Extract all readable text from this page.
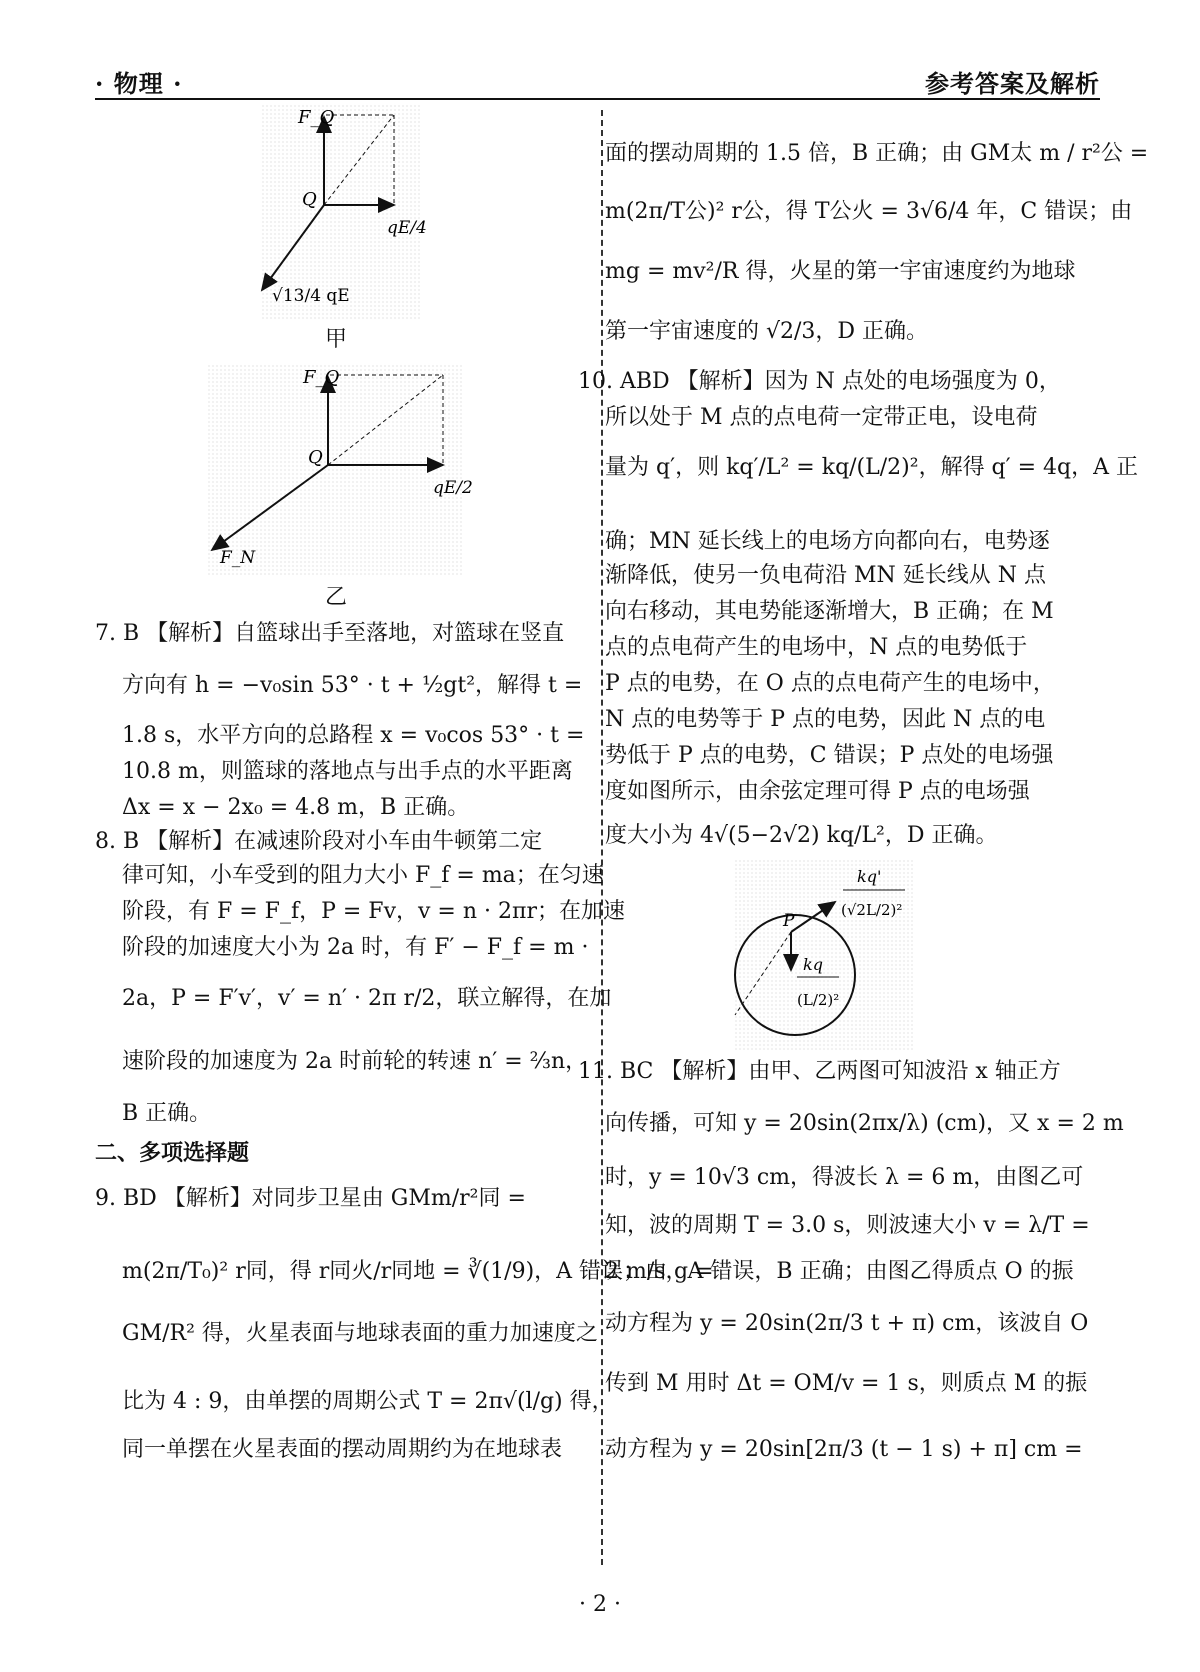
· 物理 ·	参考答案及解析
F_Q
Q
qE/4
√13/4 qE
甲
F_Q
Q
qE/2
F_N
乙
7. B 【解析】自篮球出手至落地，对篮球在竖直
方向有 h = −v₀sin 53° · t + ½gt²，解得 t =
1.8 s，水平方向的总路程 x = v₀cos 53° · t =
10.8 m，则篮球的落地点与出手点的水平距离
Δx = x − 2x₀ = 4.8 m，B 正确。
8. B 【解析】在减速阶段对小车由牛顿第二定
律可知，小车受到的阻力大小 F_f = ma；在匀速
阶段，有 F = F_f，P = Fv，v = n · 2πr；在加速
阶段的加速度大小为 2a 时，有 F′ − F_f = m ·
2a，P = F′v′，v′ = n′ · 2π r/2，联立解得，在加
速阶段的加速度为 2a 时前轮的转速 n′ = ⅔n，
B 正确。
二、多项选择题
9. BD 【解析】对同步卫星由 GMm/r²同 =
m(2π/T₀)² r同，得 r同火/r同地 = ∛(1/9)，A 错误；由 g =
GM/R² 得，火星表面与地球表面的重力加速度之
比为 4 : 9，由单摆的周期公式 T = 2π√(l/g) 得，
同一单摆在火星表面的摆动周期约为在地球表
面的摆动周期的 1.5 倍，B 正确；由 GM太 m / r²公 =
m(2π/T公)² r公，得 T公火 = 3√6/4 年，C 错误；由
mg = mv²/R 得，火星的第一宇宙速度约为地球
第一宇宙速度的 √2/3，D 正确。
10. ABD 【解析】因为 N 点处的电场强度为 0，
所以处于 M 点的点电荷一定带正电，设电荷
量为 q′，则 kq′/L² = kq/(L/2)²，解得 q′ = 4q，A 正
确；MN 延长线上的电场方向都向右，电势逐
渐降低，使另一负电荷沿 MN 延长线从 N 点
向右移动，其电势能逐渐增大，B 正确；在 M
点的点电荷产生的电场中，N 点的电势低于
P 点的电势，在 O 点的点电荷产生的电场中，
N 点的电势等于 P 点的电势，因此 N 点的电
势低于 P 点的电势，C 错误；P 点处的电场强
度如图所示，由余弦定理可得 P 点的电场强
度大小为 4√(5−2√2) kq/L²，D 正确。
P
kq'
(√2L/2)²
kq
(L/2)²
11. BC 【解析】由甲、乙两图可知波沿 x 轴正方
向传播，可知 y = 20sin(2πx/λ) (cm)，又 x = 2 m
时，y = 10√3 cm，得波长 λ = 6 m，由图乙可
知，波的周期 T = 3.0 s，则波速大小 v = λ/T =
2 m/s，A 错误，B 正确；由图乙得质点 O 的振
动方程为 y = 20sin(2π/3 t + π) cm，该波自 O
传到 M 用时 Δt = OM/v = 1 s，则质点 M 的振
动方程为 y = 20sin[2π/3 (t − 1 s) + π] cm =
· 2 ·
